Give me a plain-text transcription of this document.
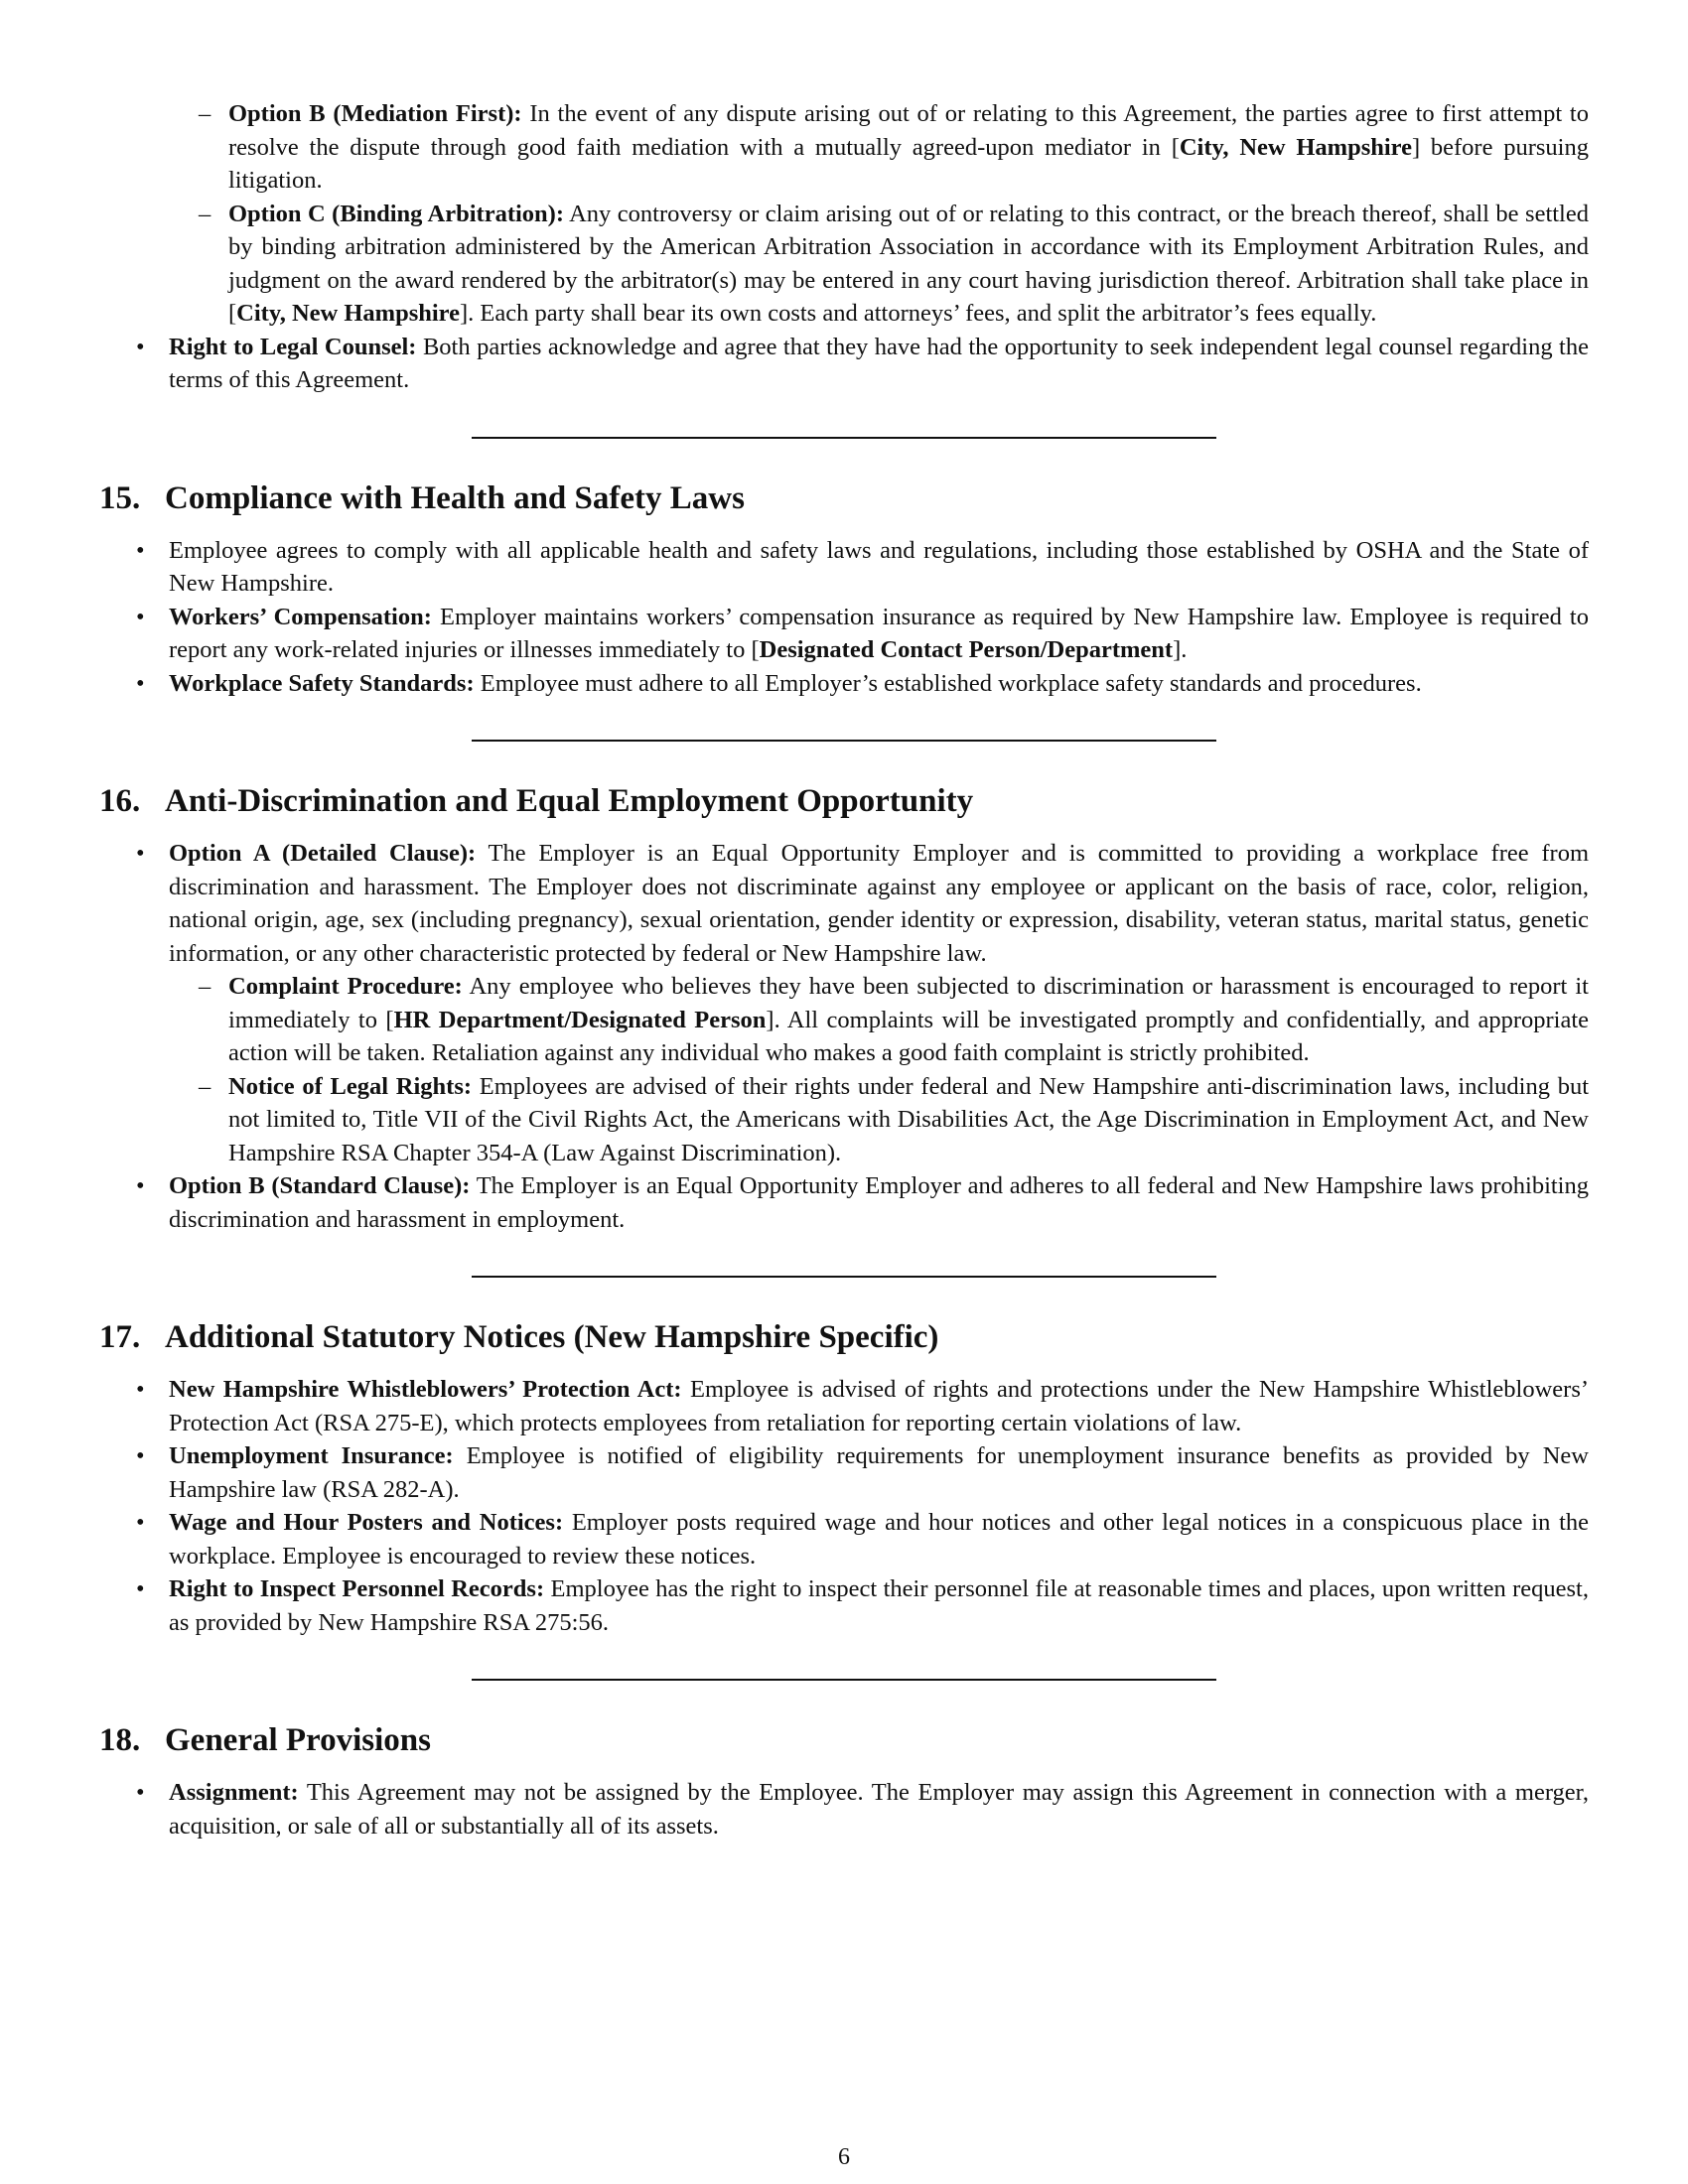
– Option B (Mediation First): In the event of any dispute arising out of or relating to this Agreement, the parties agree to first attempt to resolve the dispute through good faith mediation with a mutually agreed-upon mediator in [City, New Hampshire] before pursuing litigation.
– Option C (Binding Arbitration): Any controversy or claim arising out of or relating to this contract, or the breach thereof, shall be settled by binding arbitration administered by the American Arbitration Association in accordance with its Employment Arbitration Rules, and judgment on the award rendered by the arbitrator(s) may be entered in any court having jurisdiction thereof. Arbitration shall take place in [City, New Hampshire]. Each party shall bear its own costs and attorneys’ fees, and split the arbitrator’s fees equally.
• Right to Legal Counsel: Both parties acknowledge and agree that they have had the opportunity to seek independent legal counsel regarding the terms of this Agreement.
15. Compliance with Health and Safety Laws
• Employee agrees to comply with all applicable health and safety laws and regulations, including those established by OSHA and the State of New Hampshire.
• Workers’ Compensation: Employer maintains workers’ compensation insurance as required by New Hampshire law. Employee is required to report any work-related injuries or illnesses immediately to [Designated Contact Person/Department].
• Workplace Safety Standards: Employee must adhere to all Employer’s established workplace safety standards and procedures.
16. Anti-Discrimination and Equal Employment Opportunity
• Option A (Detailed Clause): The Employer is an Equal Opportunity Employer and is committed to providing a workplace free from discrimination and harassment. The Employer does not discriminate against any employee or applicant on the basis of race, color, religion, national origin, age, sex (including pregnancy), sexual orientation, gender identity or expression, disability, veteran status, marital status, genetic information, or any other characteristic protected by federal or New Hampshire law.
– Complaint Procedure: Any employee who believes they have been subjected to discrimination or harassment is encouraged to report it immediately to [HR Department/Designated Person]. All complaints will be investigated promptly and confidentially, and appropriate action will be taken. Retaliation against any individual who makes a good faith complaint is strictly prohibited.
– Notice of Legal Rights: Employees are advised of their rights under federal and New Hampshire anti-discrimination laws, including but not limited to, Title VII of the Civil Rights Act, the Americans with Disabilities Act, the Age Discrimination in Employment Act, and New Hampshire RSA Chapter 354-A (Law Against Discrimination).
• Option B (Standard Clause): The Employer is an Equal Opportunity Employer and adheres to all federal and New Hampshire laws prohibiting discrimination and harassment in employment.
17. Additional Statutory Notices (New Hampshire Specific)
• New Hampshire Whistleblowers’ Protection Act: Employee is advised of rights and protections under the New Hampshire Whistleblowers’ Protection Act (RSA 275-E), which protects employees from retaliation for reporting certain violations of law.
• Unemployment Insurance: Employee is notified of eligibility requirements for unemployment insurance benefits as provided by New Hampshire law (RSA 282-A).
• Wage and Hour Posters and Notices: Employer posts required wage and hour notices and other legal notices in a conspicuous place in the workplace. Employee is encouraged to review these notices.
• Right to Inspect Personnel Records: Employee has the right to inspect their personnel file at reasonable times and places, upon written request, as provided by New Hampshire RSA 275:56.
18. General Provisions
• Assignment: This Agreement may not be assigned by the Employee. The Employer may assign this Agreement in connection with a merger, acquisition, or sale of all or substantially all of its assets.
6
